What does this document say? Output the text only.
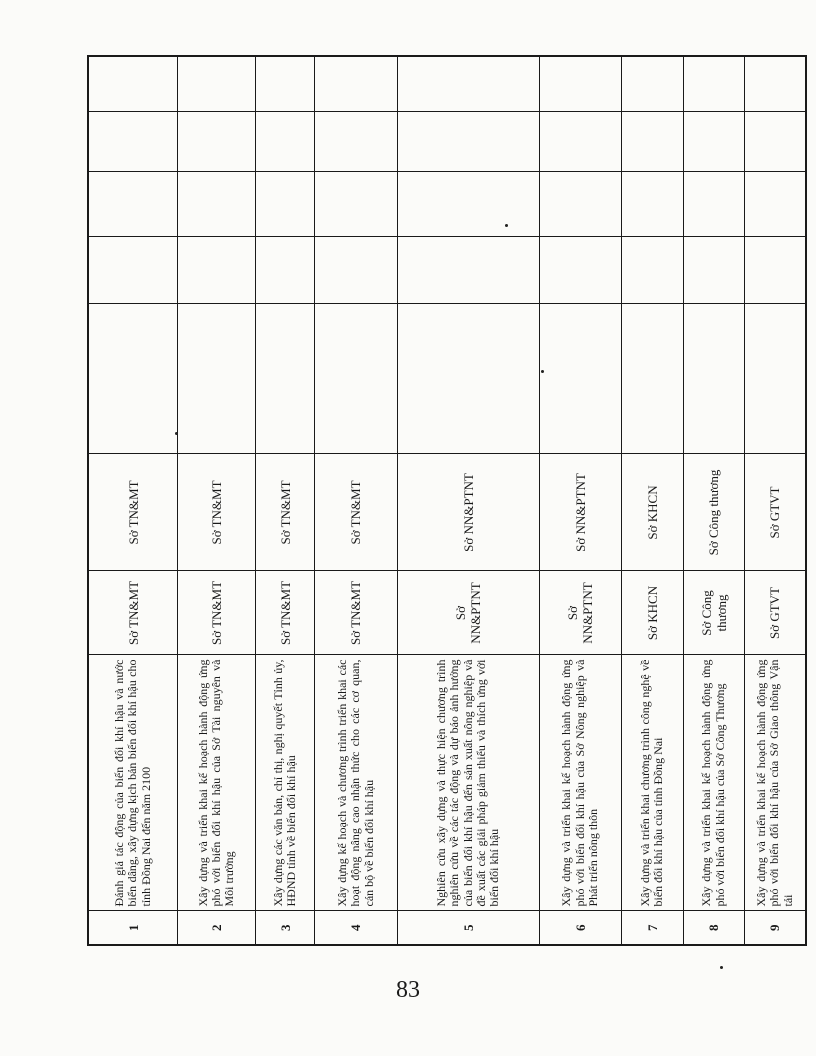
1	Đánh giá tác động của biến đổi khí hậu và nước biển dâng, xây dựng kịch bản biến đổi khí hậu cho tỉnh Đồng Nai đến năm 2100	Sở TN&MT	Sở TN&MT					
2	Xây dựng và triển khai kế hoạch hành động ứng phó với biến đổi khí hậu của Sở Tài nguyên và Môi trường	Sở TN&MT	Sở TN&MT					
3	Xây dựng các văn bản, chỉ thị, nghị quyết Tỉnh ủy, HĐND tỉnh về biến đổi khí hậu	Sở TN&MT	Sở TN&MT					
4	Xây dựng kế hoạch và chương trình triển khai các hoạt động nâng cao nhận thức cho các cơ quan, cán bộ về biến đổi khí hậu	Sở TN&MT	Sở TN&MT					
5	Nghiên cứu xây dựng và thực hiện chương trình nghiên cứu về các tác động và dự báo ảnh hưởng của biến đổi khí hậu đến sản xuất nông nghiệp và đề xuất các giải pháp giảm thiểu và thích ứng với biến đổi khí hậu	Sở NN&PTNT	Sở NN&PTNT					
6	Xây dựng và triển khai kế hoạch hành động ứng phó với biến đổi khí hậu của Sở Nông nghiệp và Phát triển nông thôn	Sở NN&PTNT	Sở NN&PTNT					
7	Xây dựng và triển khai chương trình công nghệ về biến đổi khí hậu của tỉnh Đồng Nai	Sở KHCN	Sở KHCN					
8	Xây dựng và triển khai kế hoạch hành động ứng phó với biến đổi khí hậu của Sở Công Thương	Sở Công thương	Sở Công thương					
9	Xây dựng và triển khai kế hoạch hành động ứng phó với biến đổi khí hậu của Sở Giao thông Vận tải	Sở GTVT	Sở GTVT					
83
